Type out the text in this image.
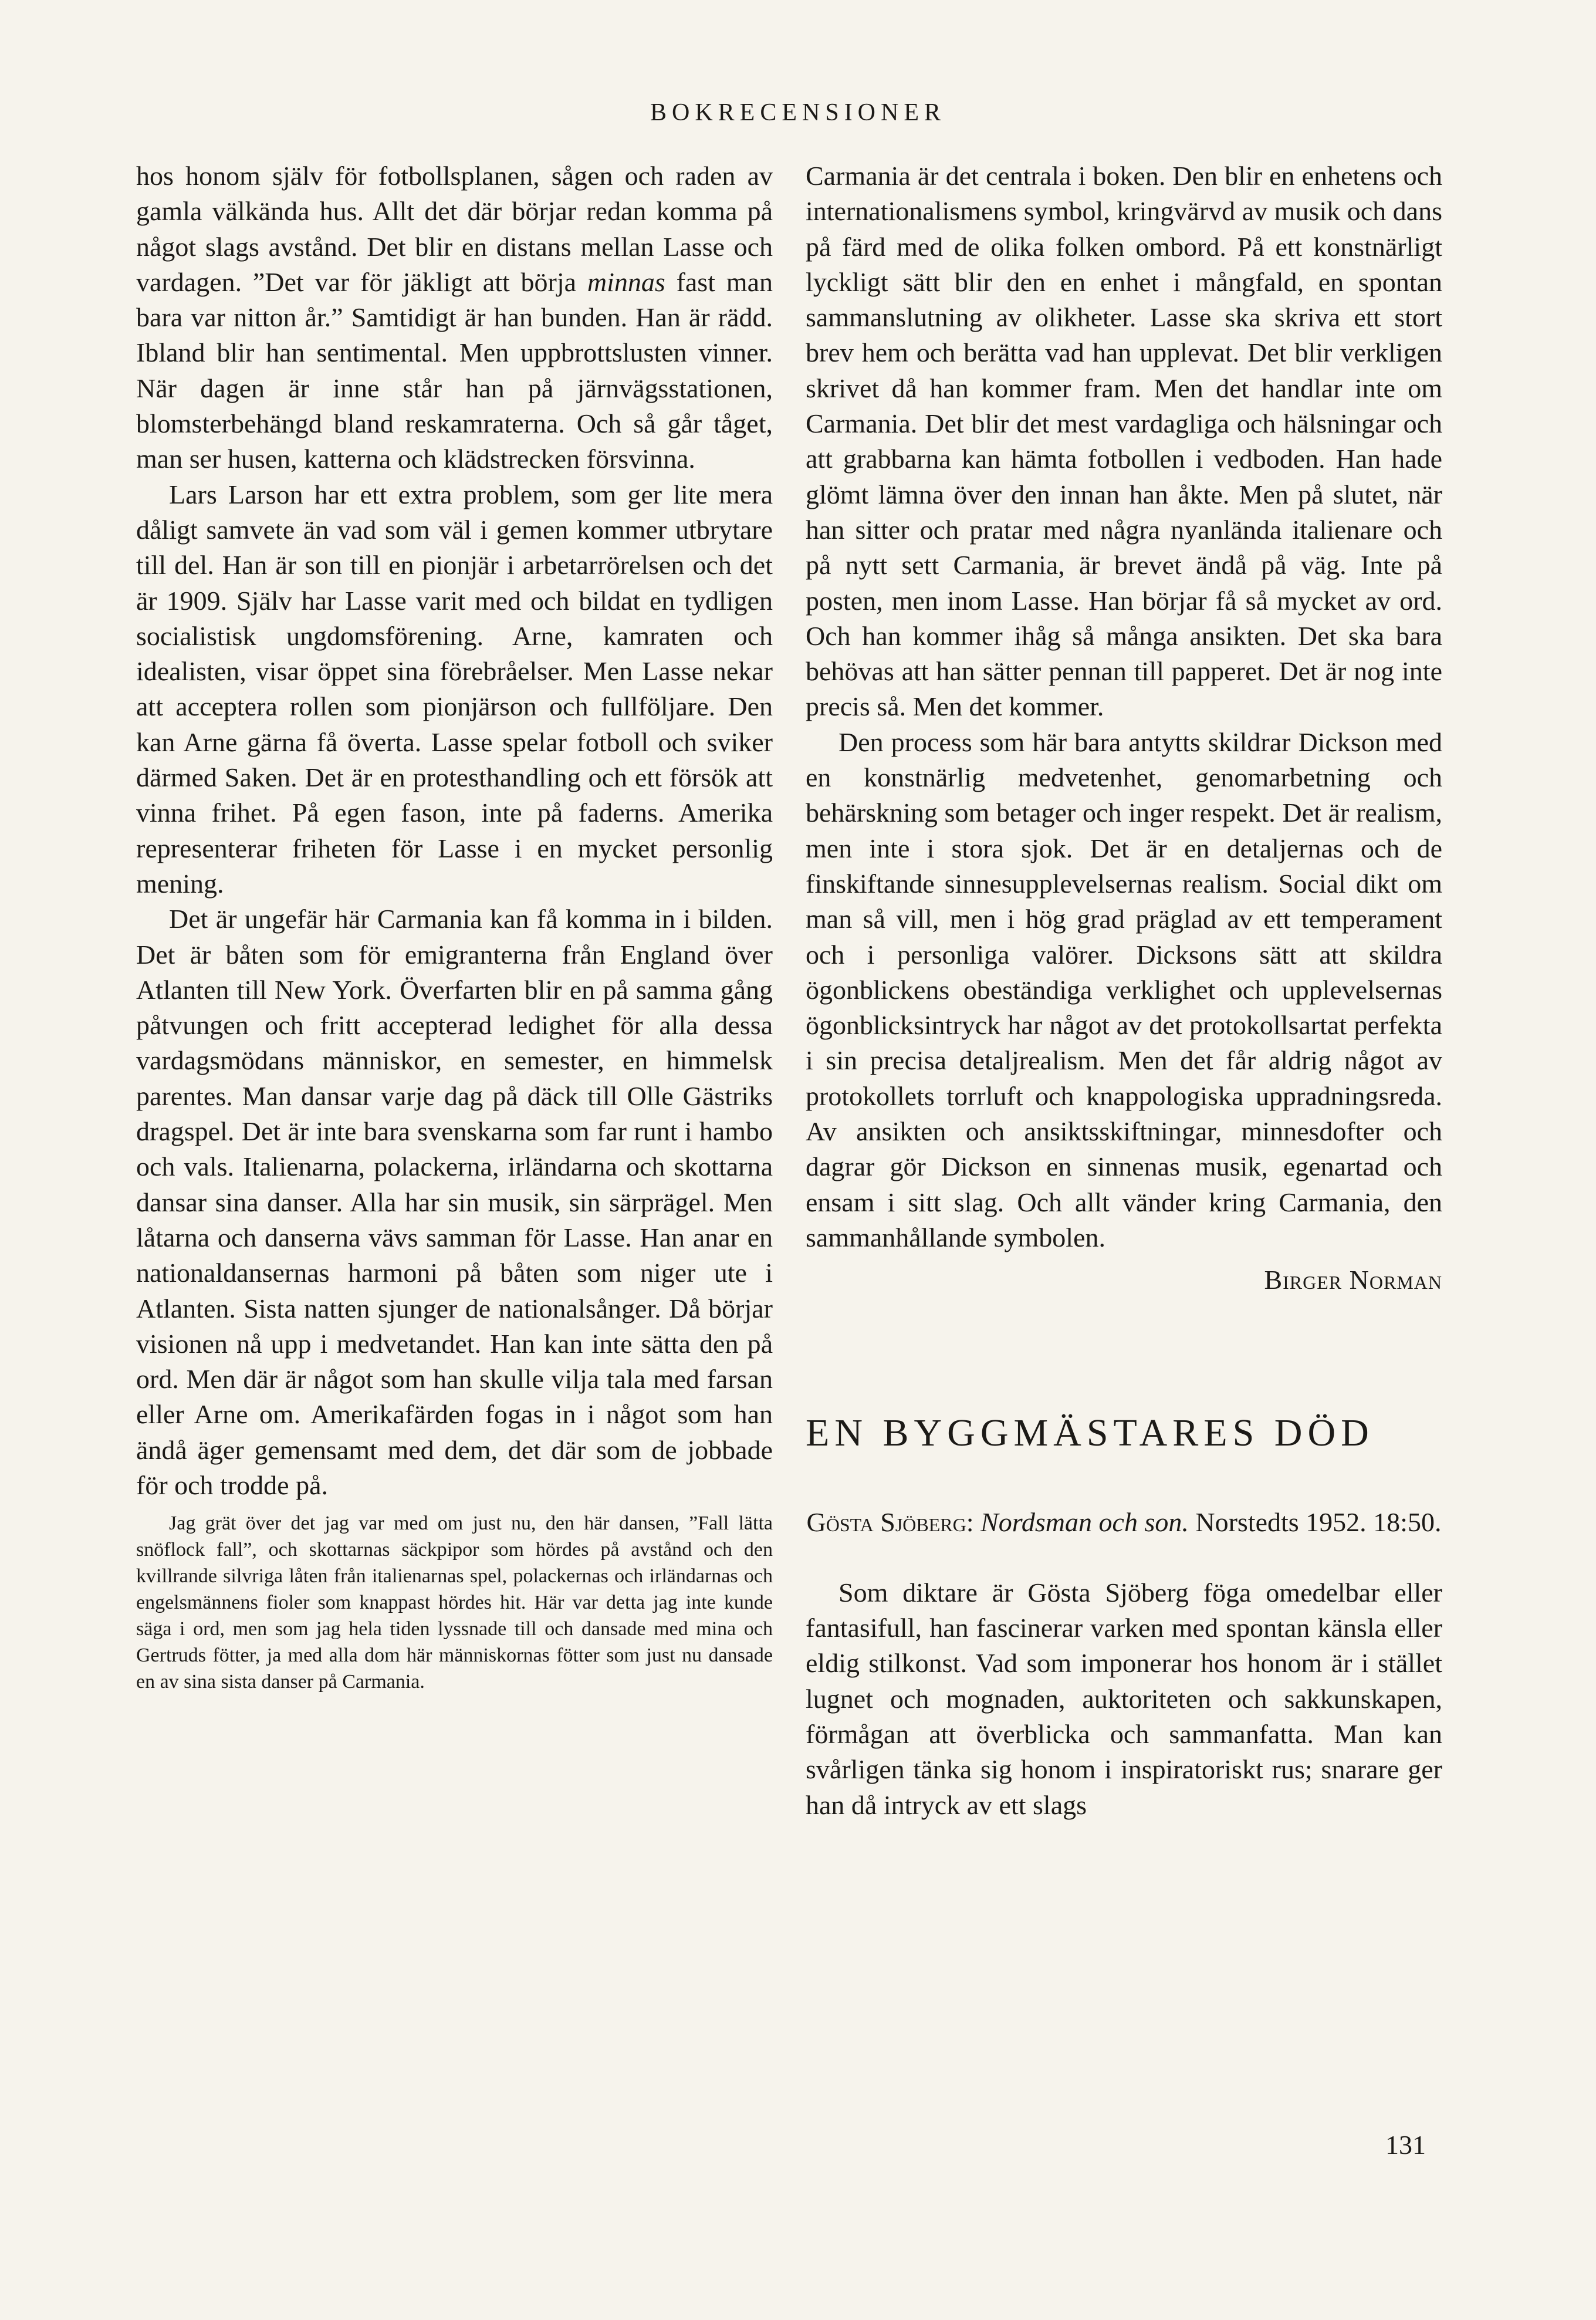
BOKRECENSIONER

hos honom själv för fotbollsplanen, sågen och raden av gamla välkända hus. Allt det där börjar redan komma på något slags avstånd. Det blir en distans mellan Lasse och vardagen. ”Det var för jäkligt att börja minnas fast man bara var nitton år.” Samtidigt är han bunden. Han är rädd. Ibland blir han sentimental. Men uppbrottslusten vinner. När dagen är inne står han på järnvägsstationen, blomsterbehängd bland reskamraterna. Och så går tåget, man ser husen, katterna och klädstrecken försvinna.

Lars Larson har ett extra problem, som ger lite mera dåligt samvete än vad som väl i gemen kommer utbrytare till del. Han är son till en pionjär i arbetarrörelsen och det är 1909. Själv har Lasse varit med och bildat en tydligen socialistisk ungdomsförening. Arne, kamraten och idealisten, visar öppet sina förebråelser. Men Lasse nekar att acceptera rollen som pionjärson och fullföljare. Den kan Arne gärna få överta. Lasse spelar fotboll och sviker därmed Saken. Det är en protesthandling och ett försök att vinna frihet. På egen fason, inte på faderns. Amerika representerar friheten för Lasse i en mycket personlig mening.

Det är ungefär här Carmania kan få komma in i bilden. Det är båten som för emigranterna från England över Atlanten till New York. Överfarten blir en på samma gång påtvungen och fritt accepterad ledighet för alla dessa vardagsmödans människor, en semester, en himmelsk parentes. Man dansar varje dag på däck till Olle Gästriks dragspel. Det är inte bara svenskarna som far runt i hambo och vals. Italienarna, polackerna, irländarna och skottarna dansar sina danser. Alla har sin musik, sin särprägel. Men låtarna och danserna vävs samman för Lasse. Han anar en nationaldansernas harmoni på båten som niger ute i Atlanten. Sista natten sjunger de nationalsånger. Då börjar visionen nå upp i medvetandet. Han kan inte sätta den på ord. Men där är något som han skulle vilja tala med farsan eller Arne om. Amerikafärden fogas in i något som han ändå äger gemensamt med dem, det där som de jobbade för och trodde på.

Jag grät över det jag var med om just nu, den här dansen, ”Fall lätta snöflock fall”, och skottarnas säckpipor som hördes på avstånd och den kvillrande silvriga låten från italienarnas spel, polackernas och irländarnas och engelsmännens fioler som knappast hördes hit. Här var detta jag inte kunde säga i ord, men som jag hela tiden lyssnade till och dansade med mina och Gertruds fötter, ja med alla dom här människornas fötter som just nu dansade en av sina sista danser på Carmania.

Carmania är det centrala i boken. Den blir en enhetens och internationalismens symbol, kringvärvd av musik och dans på färd med de olika folken ombord. På ett konstnärligt lyckligt sätt blir den en enhet i mångfald, en spontan sammanslutning av olikheter. Lasse ska skriva ett stort brev hem och berätta vad han upplevat. Det blir verkligen skrivet då han kommer fram. Men det handlar inte om Carmania. Det blir det mest vardagliga och hälsningar och att grabbarna kan hämta fotbollen i vedboden. Han hade glömt lämna över den innan han åkte. Men på slutet, när han sitter och pratar med några nyanlända italienare och på nytt sett Carmania, är brevet ändå på väg. Inte på posten, men inom Lasse. Han börjar få så mycket av ord. Och han kommer ihåg så många ansikten. Det ska bara behövas att han sätter pennan till papperet. Det är nog inte precis så. Men det kommer.

Den process som här bara antytts skildrar Dickson med en konstnärlig medvetenhet, genomarbetning och behärskning som betager och inger respekt. Det är realism, men inte i stora sjok. Det är en detaljernas och de finskiftande sinnesupplevelsernas realism. Social dikt om man så vill, men i hög grad präglad av ett temperament och i personliga valörer. Dicksons sätt att skildra ögonblickens obeständiga verklighet och upplevelsernas ögonblicksintryck har något av det protokollsartat perfekta i sin precisa detaljrealism. Men det får aldrig något av protokollets torrluft och knappologiska uppradningsreda. Av ansikten och ansiktsskiftningar, minnesdofter och dagrar gör Dickson en sinnenas musik, egenartad och ensam i sitt slag. Och allt vänder kring Carmania, den sammanhållande symbolen.

Birger Norman

EN BYGGMÄSTARES DÖD

Gösta Sjöberg: Nordsman och son. Norstedts 1952. 18:50.

Som diktare är Gösta Sjöberg föga omedelbar eller fantasifull, han fascinerar varken med spontan känsla eller eldig stilkonst. Vad som imponerar hos honom är i stället lugnet och mognaden, auktoriteten och sakkunskapen, förmågan att överblicka och sammanfatta. Man kan svårligen tänka sig honom i inspiratoriskt rus; snarare ger han då intryck av ett slags

131
